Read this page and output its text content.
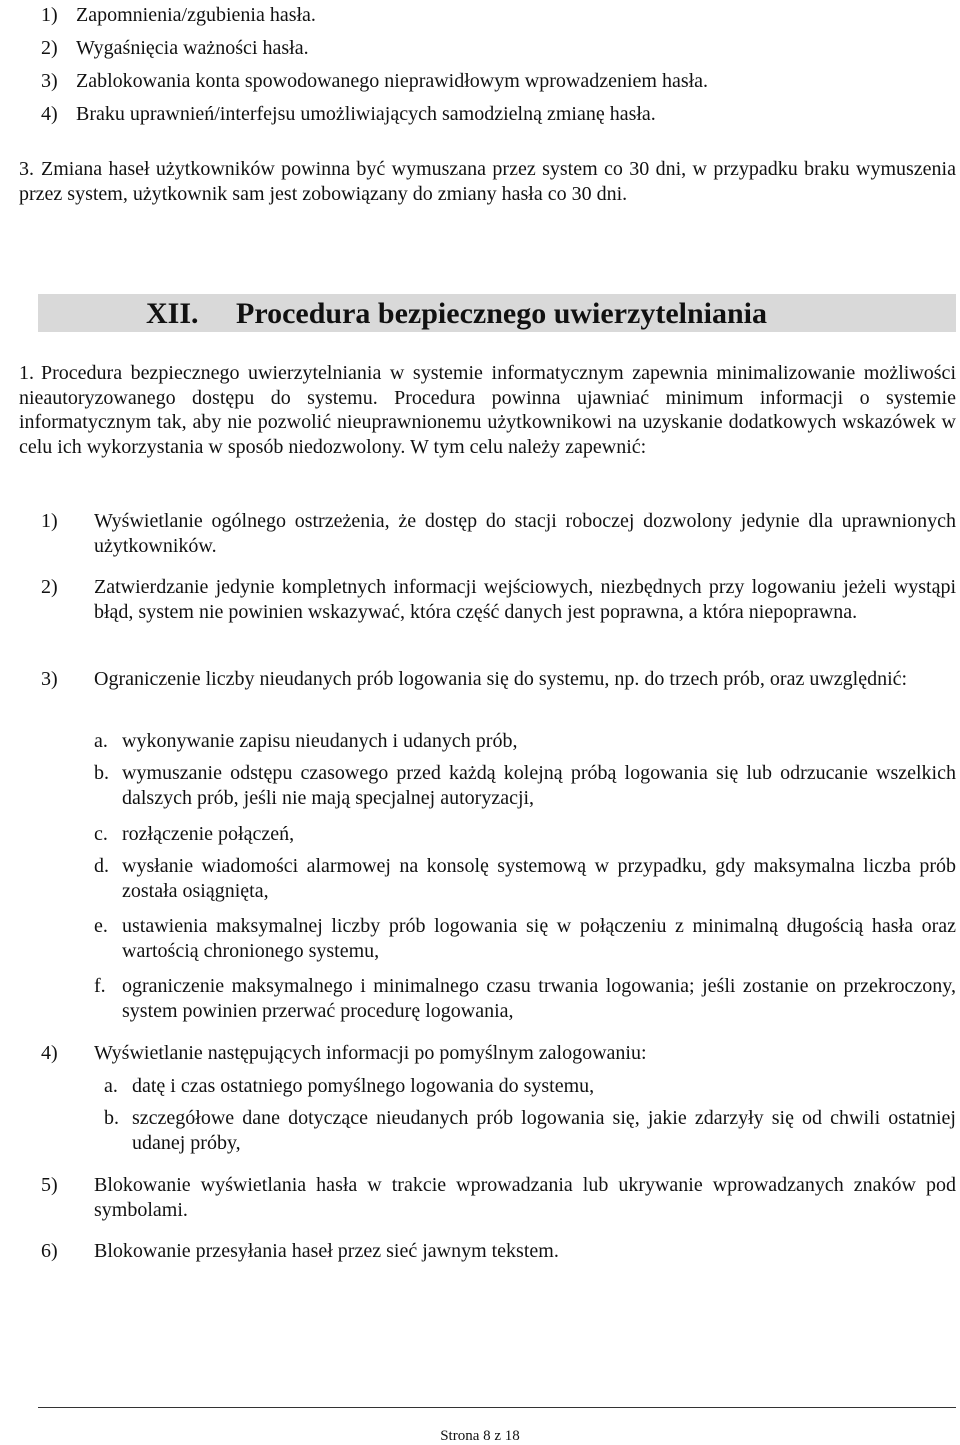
1) Zapomnienia/zgubienia hasła.
2) Wygaśnięcia ważności hasła.
3) Zablokowania konta spowodowanego nieprawidłowym wprowadzeniem hasła.
4) Braku uprawnień/interfejsu umożliwiających samodzielną zmianę hasła.
3. Zmiana haseł użytkowników powinna być wymuszana przez system co 30 dni, w przypadku braku wymuszenia przez system, użytkownik sam jest zobowiązany do zmiany hasła co 30 dni.
XII. Procedura bezpiecznego uwierzytelniania
1. Procedura bezpiecznego uwierzytelniania w systemie informatycznym zapewnia minimalizowanie możliwości nieautoryzowanego dostępu do systemu. Procedura powinna ujawniać minimum informacji o systemie informatycznym tak, aby nie pozwolić nieuprawnionemu użytkownikowi na uzyskanie dodatkowych wskazówek w celu ich wykorzystania w sposób niedozwolony. W tym celu należy zapewnić:
1) Wyświetlanie ogólnego ostrzeżenia, że dostęp do stacji roboczej dozwolony jedynie dla uprawnionych użytkowników.
2) Zatwierdzanie jedynie kompletnych informacji wejściowych, niezbędnych przy logowaniu jeżeli wystąpi błąd, system nie powinien wskazywać, która część danych jest poprawna, a która niepoprawna.
3) Ograniczenie liczby nieudanych prób logowania się do systemu, np. do trzech prób, oraz uwzględnić:
a. wykonywanie zapisu nieudanych i udanych prób,
b. wymuszanie odstępu czasowego przed każdą kolejną próbą logowania się lub odrzucanie wszelkich dalszych prób, jeśli nie mają specjalnej autoryzacji,
c. rozłączenie połączeń,
d. wysłanie wiadomości alarmowej na konsolę systemową w przypadku, gdy maksymalna liczba prób została osiągnięta,
e. ustawienia maksymalnej liczby prób logowania się w połączeniu z minimalną długością hasła oraz wartością chronionego systemu,
f. ograniczenie maksymalnego i minimalnego czasu trwania logowania; jeśli zostanie on przekroczony, system powinien przerwać procedurę logowania,
4) Wyświetlanie następujących informacji po pomyślnym zalogowaniu:
a. datę i czas ostatniego pomyślnego logowania do systemu,
b. szczegółowe dane dotyczące nieudanych prób logowania się, jakie zdarzyły się od chwili ostatniej udanej próby,
5) Blokowanie wyświetlania hasła w trakcie wprowadzania lub ukrywanie wprowadzanych znaków pod symbolami.
6) Blokowanie przesyłania haseł przez sieć jawnym tekstem.
Strona 8 z 18
